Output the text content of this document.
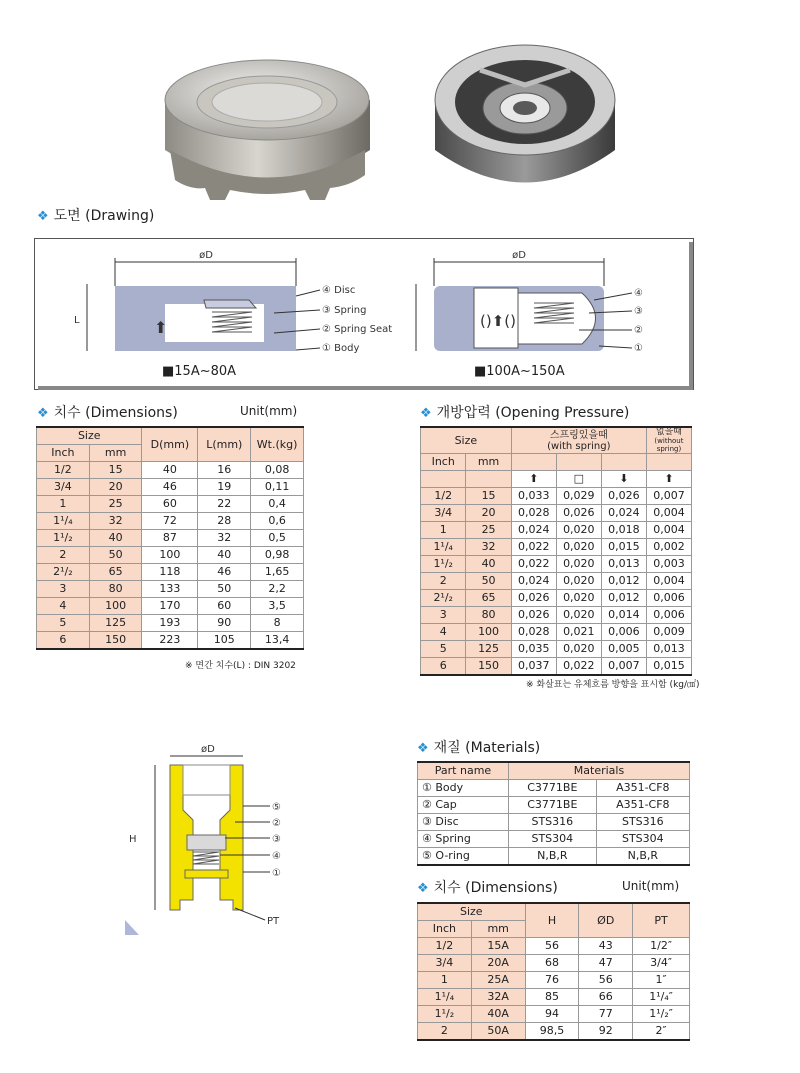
❖ 도면 (Drawing)
øD
L	⬆
④ Disc
③ Spring
② Spring Seat
① Body
■15A~80A
øD
()⬆()
④
③
②
①
■100A~150A
❖ 치수 (Dimensions)	Unit(mm)
Size		D(mm)	L(mm)	Wt.(kg)
Inch	mm			
1/2	15	40	16	0,08
3/4	20	46	19	0,11
1	25	60	22	0,4
1¹/₄	32	72	28	0,6
1¹/₂	40	87	32	0,5
2	50	100	40	0,98
2¹/₂	65	118	46	1,65
3	80	133	50	2,2
4	100	170	60	3,5
5	125	193	90	8
6	150	223	105	13,4
※ 면간 치수(L) : DIN 3202
❖ 개방압력 (Opening Pressure)
Size		스프링있을때
(with spring)			없을때
(without
spring)

Inch	mm				
		⬆	□	⬇	⬆
1/2	15	0,033	0,029	0,026	0,007
3/4	20	0,028	0,026	0,024	0,004
1	25	0,024	0,020	0,018	0,004
1¹/₄	32	0,022	0,020	0,015	0,002
1¹/₂	40	0,022	0,020	0,013	0,003
2	50	0,024	0,020	0,012	0,004
2¹/₂	65	0,026	0,020	0,012	0,006
3	80	0,026	0,020	0,014	0,006
4	100	0,028	0,021	0,006	0,009
5	125	0,035	0,020	0,005	0,013
6	150	0,037	0,022	0,007	0,015
※ 화살표는 유체흐름 방향을 표시함 (kg/㎠)
øD
H
⑤
②
③
④
①
PT
❖ 재질 (Materials)
Part name	Materials	
① Body	C3771BE	A351-CF8
② Cap	C3771BE	A351-CF8
③ Disc	STS316	STS316
④ Spring	STS304	STS304
⑤ O-ring	N,B,R	N,B,R
❖ 치수 (Dimensions)	Unit(mm)
Size		H	ØD	PT
Inch	mm			
1/2	15A	56	43	1/2″
3/4	20A	68	47	3/4″
1	25A	76	56	1″
1¹/₄	32A	85	66	1¹/₄″
1¹/₂	40A	94	77	1¹/₂″
2	50A	98,5	92	2″
